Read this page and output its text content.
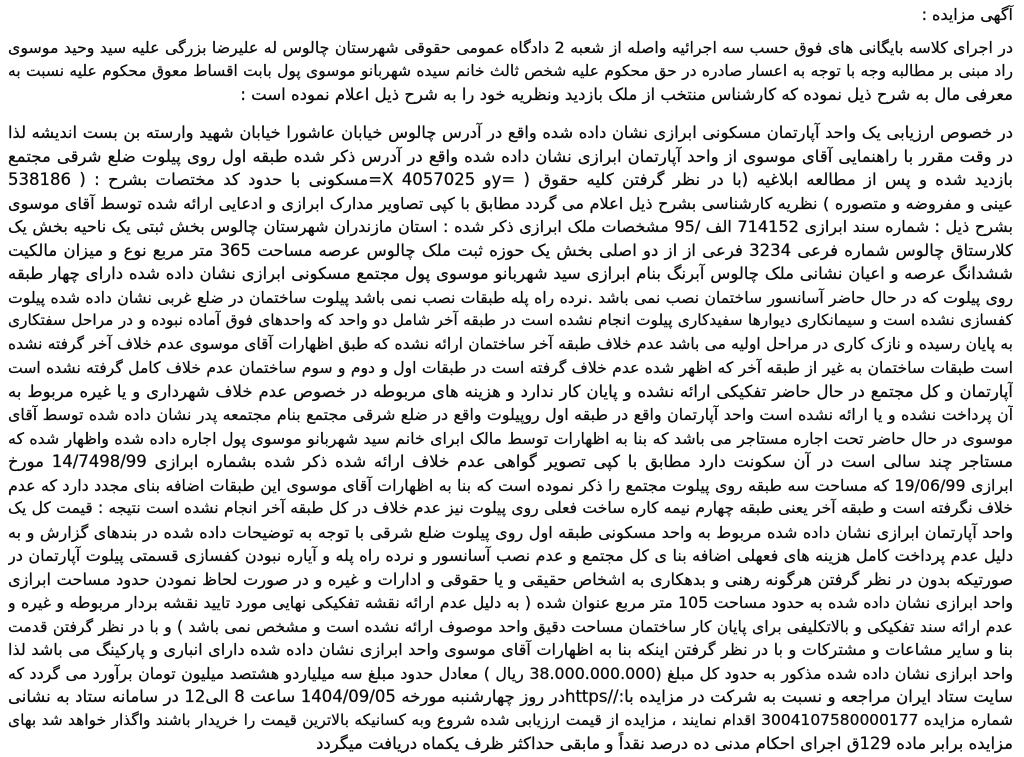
آگهی مزایده :
در اجرای کلاسه بایگانی های فوق حسب سه اجرائیه واصله از شعبه 2 دادگاه عمومی حقوقی شهرستان چالوس له علیرضا بزرگی علیه سید وحید موسوی
راد مبنی بر مطالبه وجه با توجه به اعسار صادره در حق محکوم علیه شخص ثالث خانم سیده شهربانو موسوی پول بابت اقساط معوق محکوم علیه نسبت به
معرفی مال به شرح ذیل نموده که کارشناس منتخب از ملک بازدید ونظریه خود را به شرح ذیل اعلام نموده است :
در خصوص ارزیابی یک واحد آپارتمان مسکونی ابرازی نشان داده شده واقع در آدرس چالوس خیابان عاشورا خیابان شهید وارسته بن بست اندیشه لذا
در وقت مقرر با راهنمایی آقای موسوی از واحد آپارتمان ابرازی نشان داده شده واقع در آدرس ذکر شده طبقه اول روی پیلوت ضلع شرقی مجتمع
بازدید شده و پس از مطالعه ابلاغیه (با در نظر گرفتن کلیه حقوق ( =yو 4057025 X=مسکونی با حدود کد مختصات بشرح : ( 538186
عینی و مفروضه و متصوره ) نظریه کارشناسی بشرح ذیل اعلام می گردد مطابق با کپی تصاویر مدارک ابرازی و ادعایی ارائه شده توسط آقای موسوی
بشرح ذیل : شماره سند ابرازی 714152 الف /95 مشخصات ملک ابرازی ذکر شده : استان مازندران شهرستان چالوس بخش ثبتی یک ناحیه بخش یک
کلارستاق چالوس شماره فرعی 3234 فرعی از از دو اصلی بخش یک حوزه ثبت ملک چالوس عرصه مساحت 365 متر مربع نوع و میزان مالکیت
ششدانگ عرصه و اعیان نشانی ملک چالوس آبرنگ بنام ابرازی سید شهربانو موسوی پول مجتمع مسکونی ابرازی نشان داده شده دارای چهار طبقه
روی پیلوت که در حال حاضر آسانسور ساختمان نصب نمی باشد .نرده راه پله طبقات نصب نمی باشد پیلوت ساختمان در ضلع غربی نشان داده شده پیلوت
کفسازی نشده است و سیمانکاری دیوارها سفیدکاری پیلوت انجام نشده است در طبقه آخر شامل دو واحد که واحدهای فوق آماده نبوده و در مراحل سفتکاری
به پایان رسیده و نازک کاری در مراحل اولیه می باشد عدم خلاف طبقه آخر ساختمان ارائه نشده که طبق اظهارات آقای موسوی عدم خلاف آخر گرفته نشده
است طبقات ساختمان به غیر از طبقه آخر که اظهر شده عدم خلاف گرفته است در طبقات اول و دوم و سوم ساختمان عدم خلاف کامل گرفته نشده است
آپارتمان و کل مجتمع در حال حاضر تفکیکی ارائه نشده و پایان کار ندارد و هزینه های مربوطه در خصوص عدم خلاف شهرداری و یا غیره مربوط به
آن پرداخت نشده و یا ارائه نشده است واحد آپارتمان واقع در طبقه اول روپیلوت واقع در ضلع شرقی مجتمع بنام مجتمعه پدر نشان داده شده توسط آقای
موسوی در حال حاضر تحت اجاره مستاجر می باشد که بنا به اظهارات توسط مالک ابرای خانم سید شهربانو موسوی پول اجاره داده شده واظهار شده که
مستاجر چند سالی است در آن سکونت دارد مطابق با کپی تصویر گواهی عدم خلاف ارائه شده ذکر شده بشماره ابرازی 14/7498/99 مورخ
ابرازی 19/06/99 که مساحت سه طبقه روی پیلوت مجتمع را ذکر نموده است که بنا به اظهارات آقای موسوی این طبقات اضافه بنای مجدد دارد که عدم
خلاف نگرفته است و طبقه آخر یعنی طبقه چهارم نیمه کاره ساخت فعلی روی پیلوت نیز عدم خلاف در کل طبقه آخر انجام نشده است نتیجه : قیمت کل یک
واحد آپارتمان ابرازی نشان داده شده مربوط به واحد مسکونی طبقه اول روی پیلوت ضلع شرقی با توجه به توضیحات داده شده در بندهای گزارش و به
دلیل عدم پرداخت کامل هزینه های فعهلی اضافه بنا ی کل مجتمع و عدم نصب آسانسور و نرده راه پله و آیاره نبودن کفسازی قسمتی پیلوت آپارتمان در
صورتیکه بدون در نظر گرفتن هرگونه رهنی و بدهکاری به اشخاص حقیقی و یا حقوقی و ادارات و غیره و در صورت لحاظ نمودن حدود مساحت ابرازی
واحد ابرازی نشان داده شده به حدود مساحت 105 متر مربع عنوان شده ( به دلیل عدم ارائه نقشه تفکیکی نهایی مورد تایید نقشه بردار مربوطه و غیره و
عدم ارائه سند تفکیکی و بالاتکلیفی برای پایان کار ساختمان مساحت دقیق واحد موصوف ارائه نشده است و مشخص نمی باشد ) و با در نظر گرفتن قدمت
بنا و سایر مشاعات و مشترکات و با در نظر گرفتن اینکه بنا به اظهارات آقای موسوی واحد ابرازی نشان داده شده دارای انباری و پارکینگ می باشد لذا
واحد ابرازی نشان داده شده مذکور به حدود کل مبلغ (38.000.000.000 ریال ) معادل حدود مبلغ سه میلیاردو هشتصد میلیون تومان برآورد می گردد که
سایت ستاد ایران مراجعه و نسبت به شرکت در مزایده با://httpsدر روز چهارشنبه مورخه 1404/09/05 ساعت 8 الی12 در سامانه ستاد به نشانی
شماره مزایده 3004107580000177 اقدام نمایند ، مزایده از قیمت ارزیابی شده شروع وبه کسانیکه بالاترین قیمت را خریدار باشند واگذار خواهد شد بهای
مزایده برابر ماده 129ق اجرای احکام مدنی ده درصد نقداً و مابقی حداکثر ظرف یکماه دریافت میگردد
